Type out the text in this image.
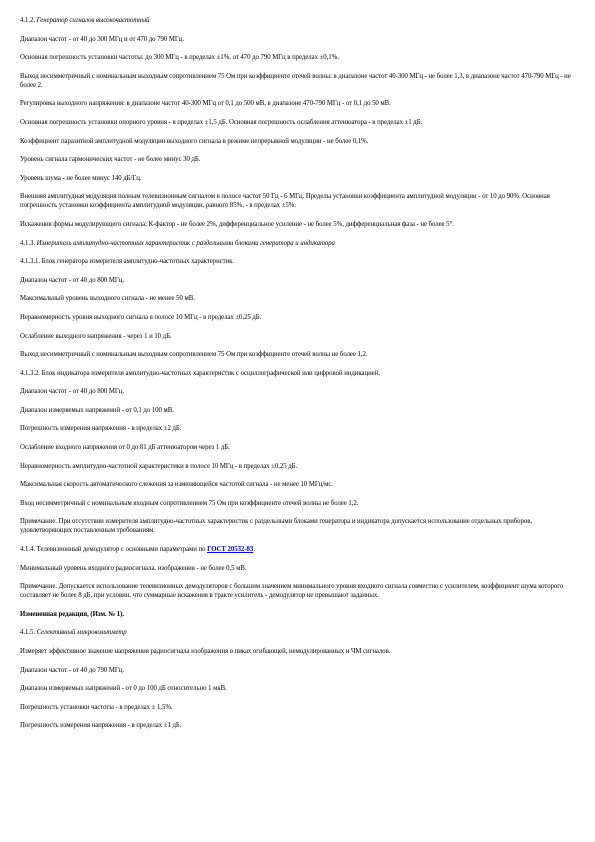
4.1.2. Генератор сигналов высокочастотный

Диапазон частот - от 40 до 300 МГц и от 470 до 790 МГц.

Основная погрешность установки частоты: до 300 МГц - в пределах ±1%, от 470 до 790 МГц в пределах ±0,1%.

Выход несимметричный с номинальным выходным сопротивлением 75 Ом при коэффициенте отечей волны: в диапазоне частот 40-300 МГц - не более 1,3, в диапазоне частот 470-790 МГц - не более 2.

Регулировка выходного напряжения: в диапазоне частот 40-300 МГц от 0,1 до 500 мВ, в диапазоне 470-790 МГц - от 0,1 до 50 мВ.

Основная погрешность установки опорного уровня - в пределах ±1,5 дБ. Основная погрешность ослабления аттенюатора - в пределах ±1 дБ.

Коэффициент паразитной амплитудной модуляции выходного сигнала в режиме непрерывной модуляции - не более 0,1%.

Уровень сигнала гармонических частот - не более минус 30 дБ.

Уровень шума - не более минус 140 дБ/Гц.

Внешняя амплитудная модуляция полным телевизионным сигналом в полосе частот 50 Гц - 6 МГц. Пределы установки коэффициента амплитудной модуляции - от 10 до 90%. Основная погрешность установки коэффициента амплитудной модуляции, равного 85%, - в пределах ±5%.

Искажения формы модулирующего сигнала: К-фактор - не более 2%, дифференциальное усиление - не более 5%, дифференциальная фаза - не более 5°.

4.1.3. Измеритель амплитудно-частотных характеристик с раздельными блоками генератора и индикатора

4.1.3.1. Блок генератора измерителя амплитудно-частотных характеристик.

Диапазон частот - от 40 до 800 МГц.

Максимальный уровень выходного сигнала - не менее 50 мВ.

Неравномерность уровня выходного сигнала в полосе 10 МГц - в пределах ±0,25 дБ.

Ослабление выходного напряжения - через 1 и 10 дБ.

Выход несимметричный с номинальным выходным сопротивлением 75 Ом при коэффициенте отечей волны не более 1,2.

4.1.3.2. Блок индикатора измерителя амплитудно-частотных характеристик с осциллографической или цифровой индикацией.

Диапазон частот - от 40 до 800 МГц.

Диапазон измеряемых напряжений - от 0,1 до 100 мВ.

Погрешность измерения напряжения - в пределах ±2 дБ.

Ослабление входного напряжения от 0 до 81 дБ аттенюатором через 1 дБ.

Неравномерность амплитудно-частотной характеристики в полосе 10 МГц - в пределах ±0,25 дБ.

Максимальная скорость автоматического слежения за изменяющейся частотой сигнала - не менее 10 МГц/мс.

Вход несимметричный с номинальным входным сопротивлением 75 Ом при коэффициенте отечей волны не более 1,2.

Примечание. При отсутствии измерителя амплитудно-частотных характеристик с раздельными блоками генератора и индикатора допускается использование отдельных приборов, удовлетворяющих поставленным требованиям.

4.1.4. Телевизионный демодулятор с основными параметрами по ГОСТ 20532-83.

Минимальный уровень входного радиосигнала, изображения - не более 0,5 мВ.

Примечание. Допускается использование телевизионных демодуляторов с большим значением минимального уровня входного сигнала совместно с усилителем, коэффициент шума которого составляет не более 8 дБ, при условии, что суммарные искажения в тракте усилитель - демодулятор не превышают заданных.

Измененная редакция, (Изм. № 1).

4.1.5. Селективный микровольтметр

Измеряет эффективное значение напряжения радиосигнала изображения в пиках огибающей, немодулированных и ЧМ сигналов.

Диапазон частот - от 40 до 790 МГц.

Диапазон измеряемых напряжений - от 0 до 100 дБ относительно 1 мкВ.

Погрешность установки частоты - в пределах ± 1,5%.

Погрешность измерения напряжения - в пределах ±1 дБ.
